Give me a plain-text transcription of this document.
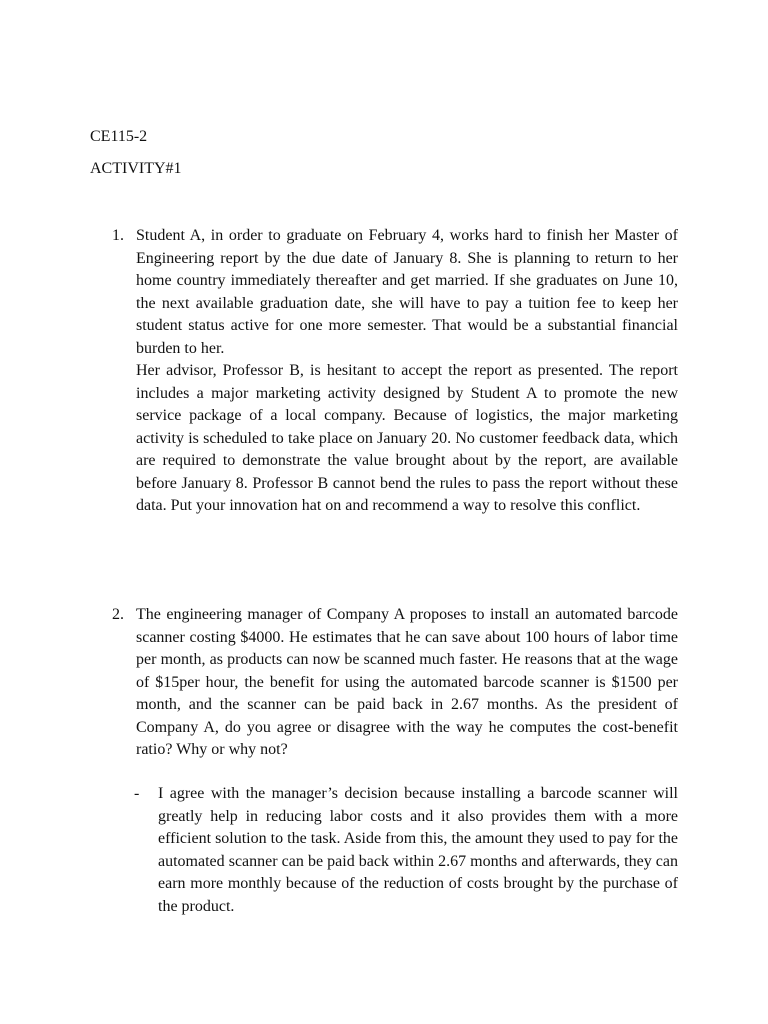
CE115-2
ACTIVITY#1
1. Student A, in order to graduate on February 4, works hard to finish her Master of Engineering report by the due date of January 8. She is planning to return to her home country immediately thereafter and get married. If she graduates on June 10, the next available graduation date, she will have to pay a tuition fee to keep her student status active for one more semester. That would be a substantial financial burden to her.

Her advisor, Professor B, is hesitant to accept the report as presented. The report includes a major marketing activity designed by Student A to promote the new service package of a local company. Because of logistics, the major marketing activity is scheduled to take place on January 20. No customer feedback data, which are required to demonstrate the value brought about by the report, are available before January 8. Professor B cannot bend the rules to pass the report without these data. Put your innovation hat on and recommend a way to resolve this conflict.

2. The engineering manager of Company A proposes to install an automated barcode scanner costing $4000. He estimates that he can save about 100 hours of labor time per month, as products can now be scanned much faster. He reasons that at the wage of $15per hour, the benefit for using the automated barcode scanner is $1500 per month, and the scanner can be paid back in 2.67 months. As the president of Company A, do you agree or disagree with the way he computes the cost-benefit ratio? Why or why not?

- I agree with the manager’s decision because installing a barcode scanner will greatly help in reducing labor costs and it also provides them with a more efficient solution to the task. Aside from this, the amount they used to pay for the automated scanner can be paid back within 2.67 months and afterwards, they can earn more monthly because of the reduction of costs brought by the purchase of the product.
